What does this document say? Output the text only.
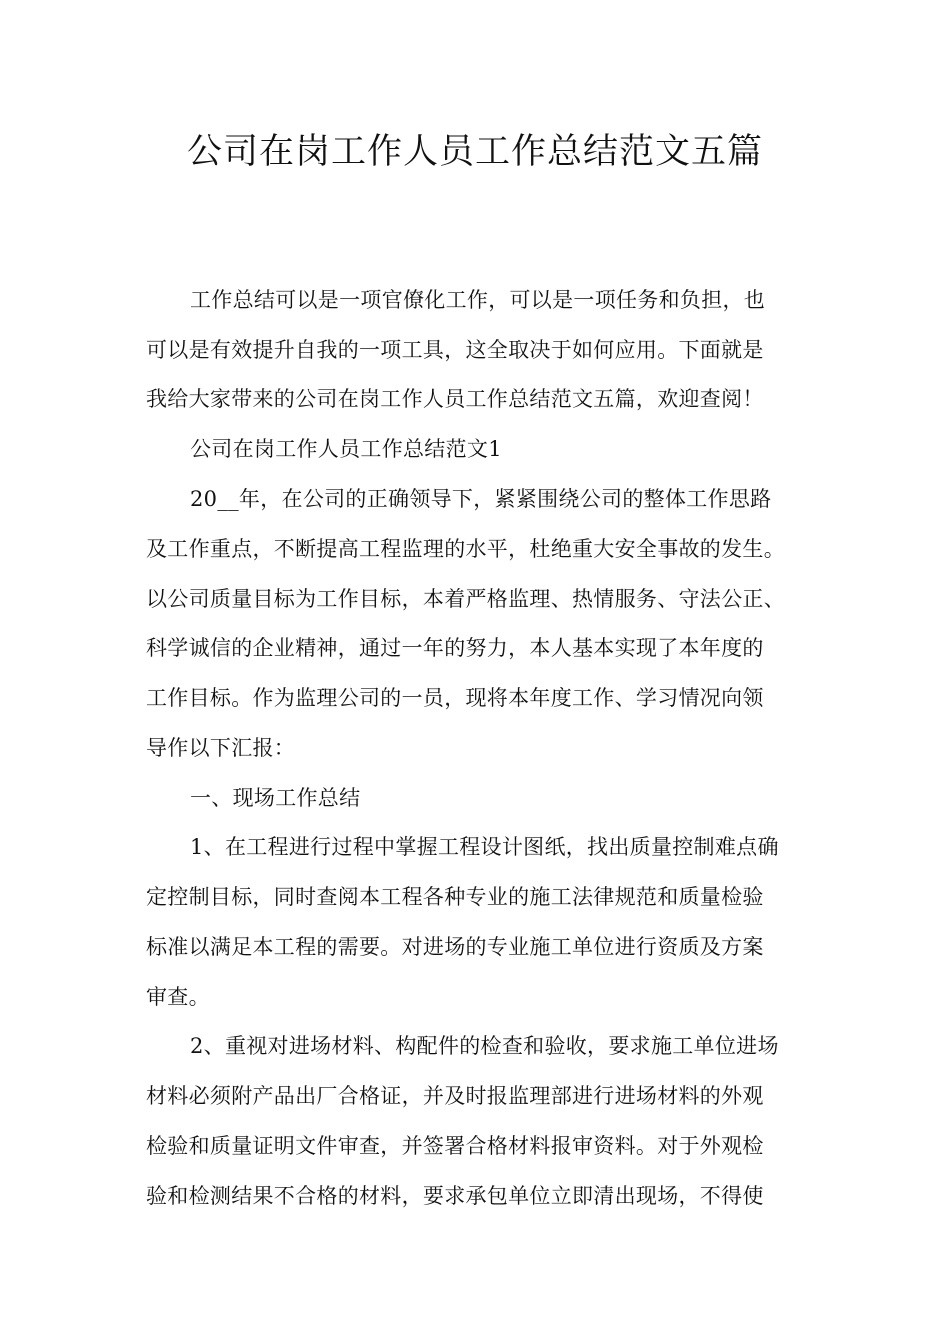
公司在岗工作人员工作总结范文五篇

工作总结可以是一项官僚化工作，可以是一项任务和负担，也

可以是有效提升自我的一项工具，这全取决于如何应用。下面就是

我给大家带来的公司在岗工作人员工作总结范文五篇，欢迎查阅！

公司在岗工作人员工作总结范文1

20__年，在公司的正确领导下，紧紧围绕公司的整体工作思路

及工作重点，不断提高工程监理的水平，杜绝重大安全事故的发生。

以公司质量目标为工作目标，本着严格监理、热情服务、守法公正、

科学诚信的企业精神，通过一年的努力，本人基本实现了本年度的

工作目标。作为监理公司的一员，现将本年度工作、学习情况向领

导作以下汇报：

一、现场工作总结

1、在工程进行过程中掌握工程设计图纸，找出质量控制难点确

定控制目标，同时查阅本工程各种专业的施工法律规范和质量检验

标准以满足本工程的需要。对进场的专业施工单位进行资质及方案

审查。

2、重视对进场材料、构配件的检查和验收，要求施工单位进场

材料必须附产品出厂合格证，并及时报监理部进行进场材料的外观

检验和质量证明文件审查，并签署合格材料报审资料。对于外观检

验和检测结果不合格的材料，要求承包单位立即清出现场，不得使
